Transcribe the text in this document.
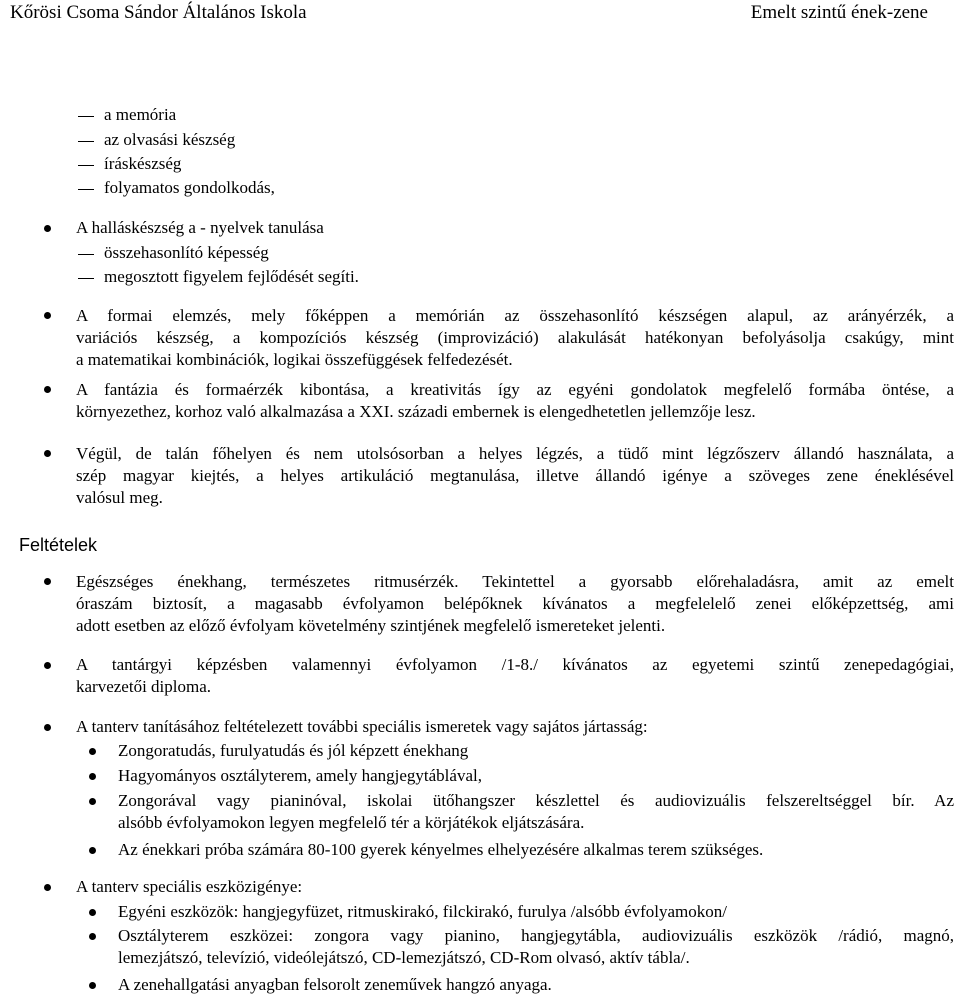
Kőrösi Csoma Sándor Általános Iskola	Emelt szintű ének-zene
a memória
az olvasási készség
íráskészség
folyamatos gondolkodás,
A halláskészség a - nyelvek tanulása
összehasonlító képesség
megosztott figyelem fejlődését segíti.
A formai elemzés, mely főképpen a memórián az összehasonlító készségen alapul, az arányérzék, a
variációs készség, a kompozíciós készség (improvizáció) alakulását hatékonyan befolyásolja csakúgy, mint
a matematikai kombinációk, logikai összefüggések felfedezését.
A fantázia és formaérzék kibontása, a kreativitás így az egyéni gondolatok megfelelő formába öntése, a
környezethez, korhoz való alkalmazása a XXI. századi embernek is elengedhetetlen jellemzője lesz.
Végül, de talán főhelyen és nem utolsósorban a helyes légzés, a tüdő mint légzőszerv állandó használata, a
szép magyar kiejtés, a helyes artikuláció megtanulása, illetve állandó igénye a szöveges zene éneklésével
valósul meg.
Feltételek
Egészséges énekhang, természetes ritmusérzék. Tekintettel a gyorsabb előrehaladásra, amit az emelt
óraszám biztosít, a magasabb évfolyamon belépőknek kívánatos a megfelelelő zenei előképzettség, ami
adott esetben az előző évfolyam követelmény szintjének megfelelő ismereteket jelenti.
A tantárgyi képzésben valamennyi évfolyamon /1-8./ kívánatos az egyetemi szintű zenepedagógiai,
karvezetői diploma.
A tanterv tanításához feltételezett további speciális ismeretek vagy sajátos jártasság:
Zongoratudás, furulyatudás és jól képzett énekhang
Hagyományos osztályterem, amely hangjegytáblával,
Zongorával vagy pianinóval, iskolai ütőhangszer készlettel és audiovizuális felszereltséggel bír. Az
alsóbb évfolyamokon legyen megfelelő tér a körjátékok eljátszására.
Az énekkari próba számára 80-100 gyerek kényelmes elhelyezésére alkalmas terem szükséges.
A tanterv speciális eszközigénye:
Egyéni eszközök: hangjegyfüzet, ritmuskirakó, filckirakó, furulya /alsóbb évfolyamokon/
Osztályterem eszközei: zongora vagy pianino, hangjegytábla, audiovizuális eszközök /rádió, magnó,
lemezjátszó, televízió, videólejátszó, CD-lemezjátszó, CD-Rom olvasó, aktív tábla/.
A zenehallgatási anyagban felsorolt zeneművek hangzó anyaga.
